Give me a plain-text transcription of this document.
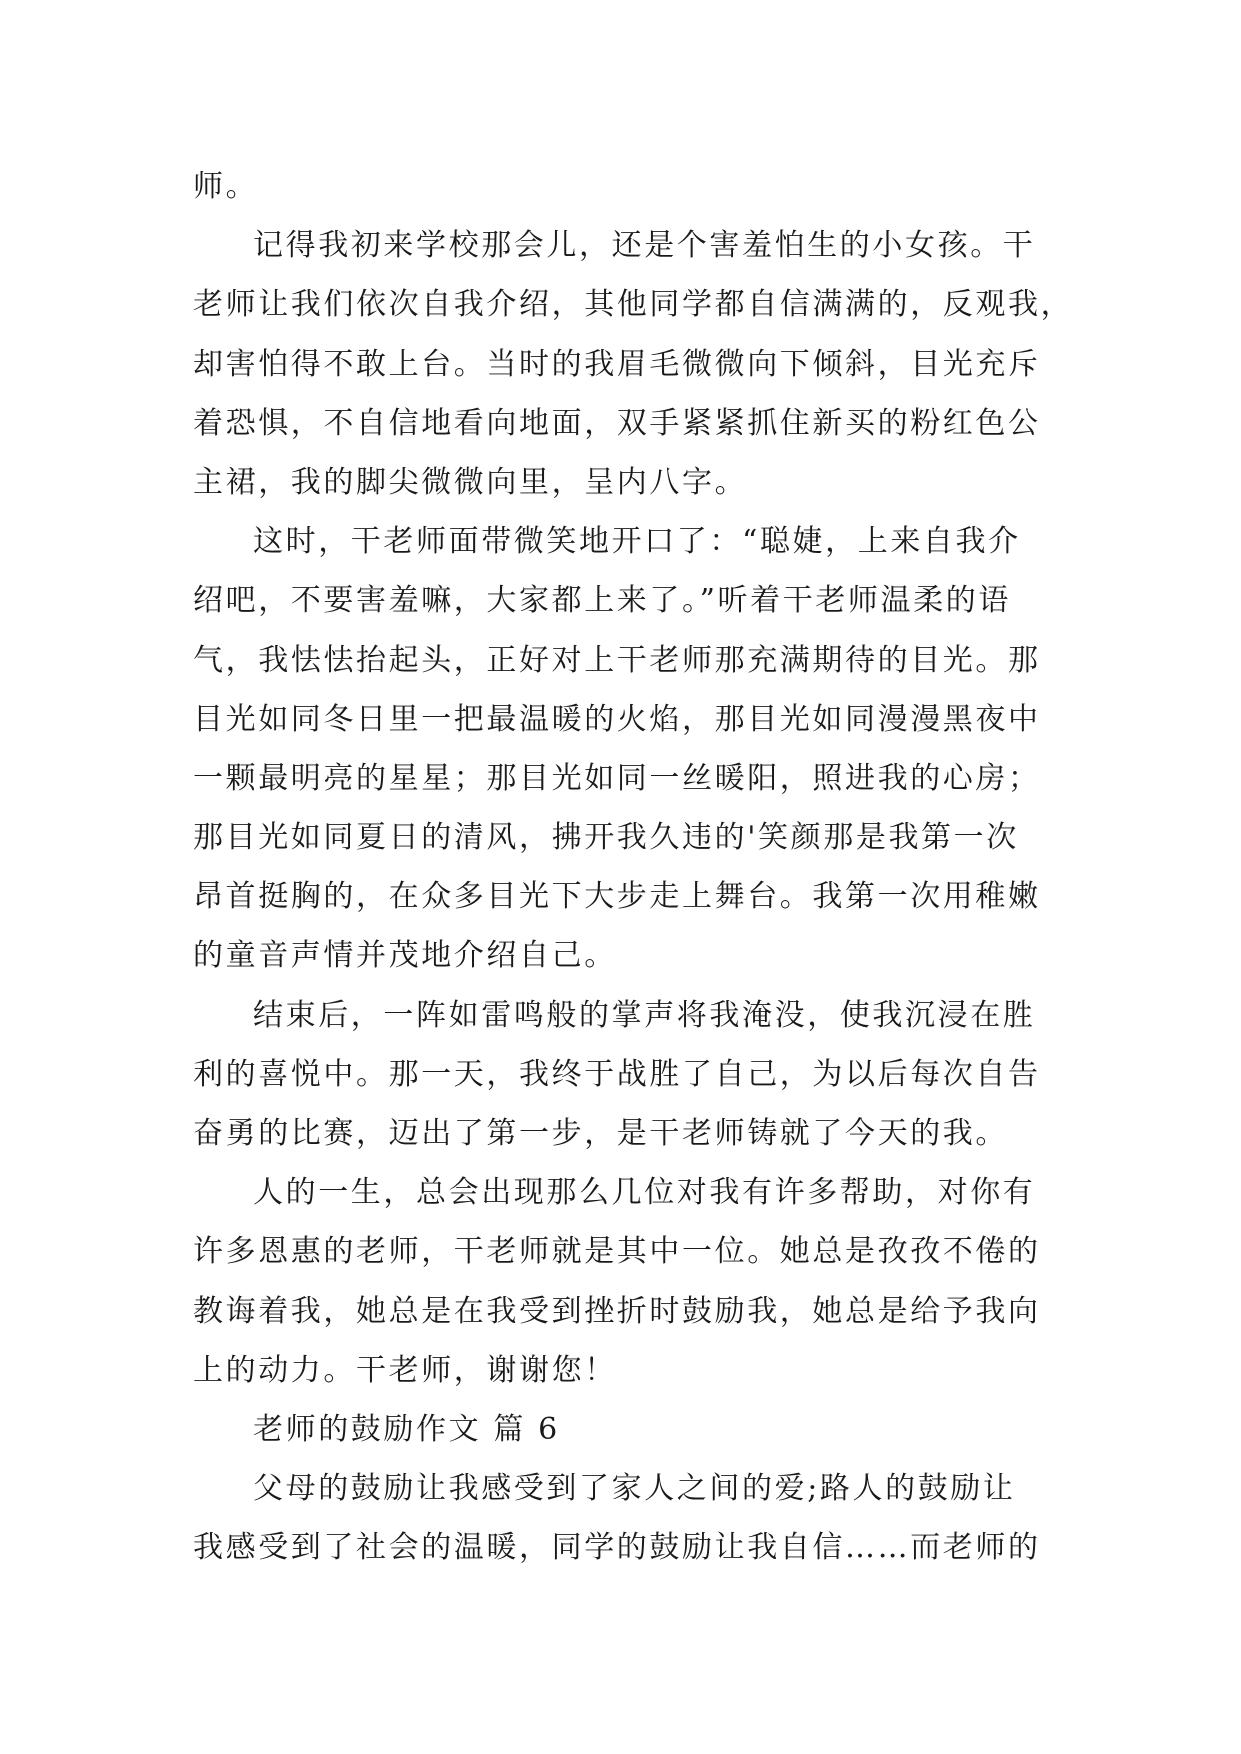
师。
记得我初来学校那会儿，还是个害羞怕生的小女孩。干
老师让我们依次自我介绍，其他同学都自信满满的，反观我，
却害怕得不敢上台。当时的我眉毛微微向下倾斜，目光充斥
着恐惧，不自信地看向地面，双手紧紧抓住新买的粉红色公
主裙，我的脚尖微微向里，呈内八字。
这时，干老师面带微笑地开口了：“聪婕，上来自我介
绍吧，不要害羞嘛，大家都上来了。”听着干老师温柔的语
气，我怯怯抬起头，正好对上干老师那充满期待的目光。那
目光如同冬日里一把最温暖的火焰，那目光如同漫漫黑夜中
一颗最明亮的星星；那目光如同一丝暖阳，照进我的心房；
那目光如同夏日的清风，拂开我久违的'笑颜那是我第一次
昂首挺胸的，在众多目光下大步走上舞台。我第一次用稚嫩
的童音声情并茂地介绍自己。
结束后，一阵如雷鸣般的掌声将我淹没，使我沉浸在胜
利的喜悦中。那一天，我终于战胜了自己，为以后每次自告
奋勇的比赛，迈出了第一步，是干老师铸就了今天的我。
人的一生，总会出现那么几位对我有许多帮助，对你有
许多恩惠的老师，干老师就是其中一位。她总是孜孜不倦的
教诲着我，她总是在我受到挫折时鼓励我，她总是给予我向
上的动力。干老师，谢谢您！
老师的鼓励作文 篇 6
父母的鼓励让我感受到了家人之间的爱;路人的鼓励让
我感受到了社会的温暖，同学的鼓励让我自信……而老师的
